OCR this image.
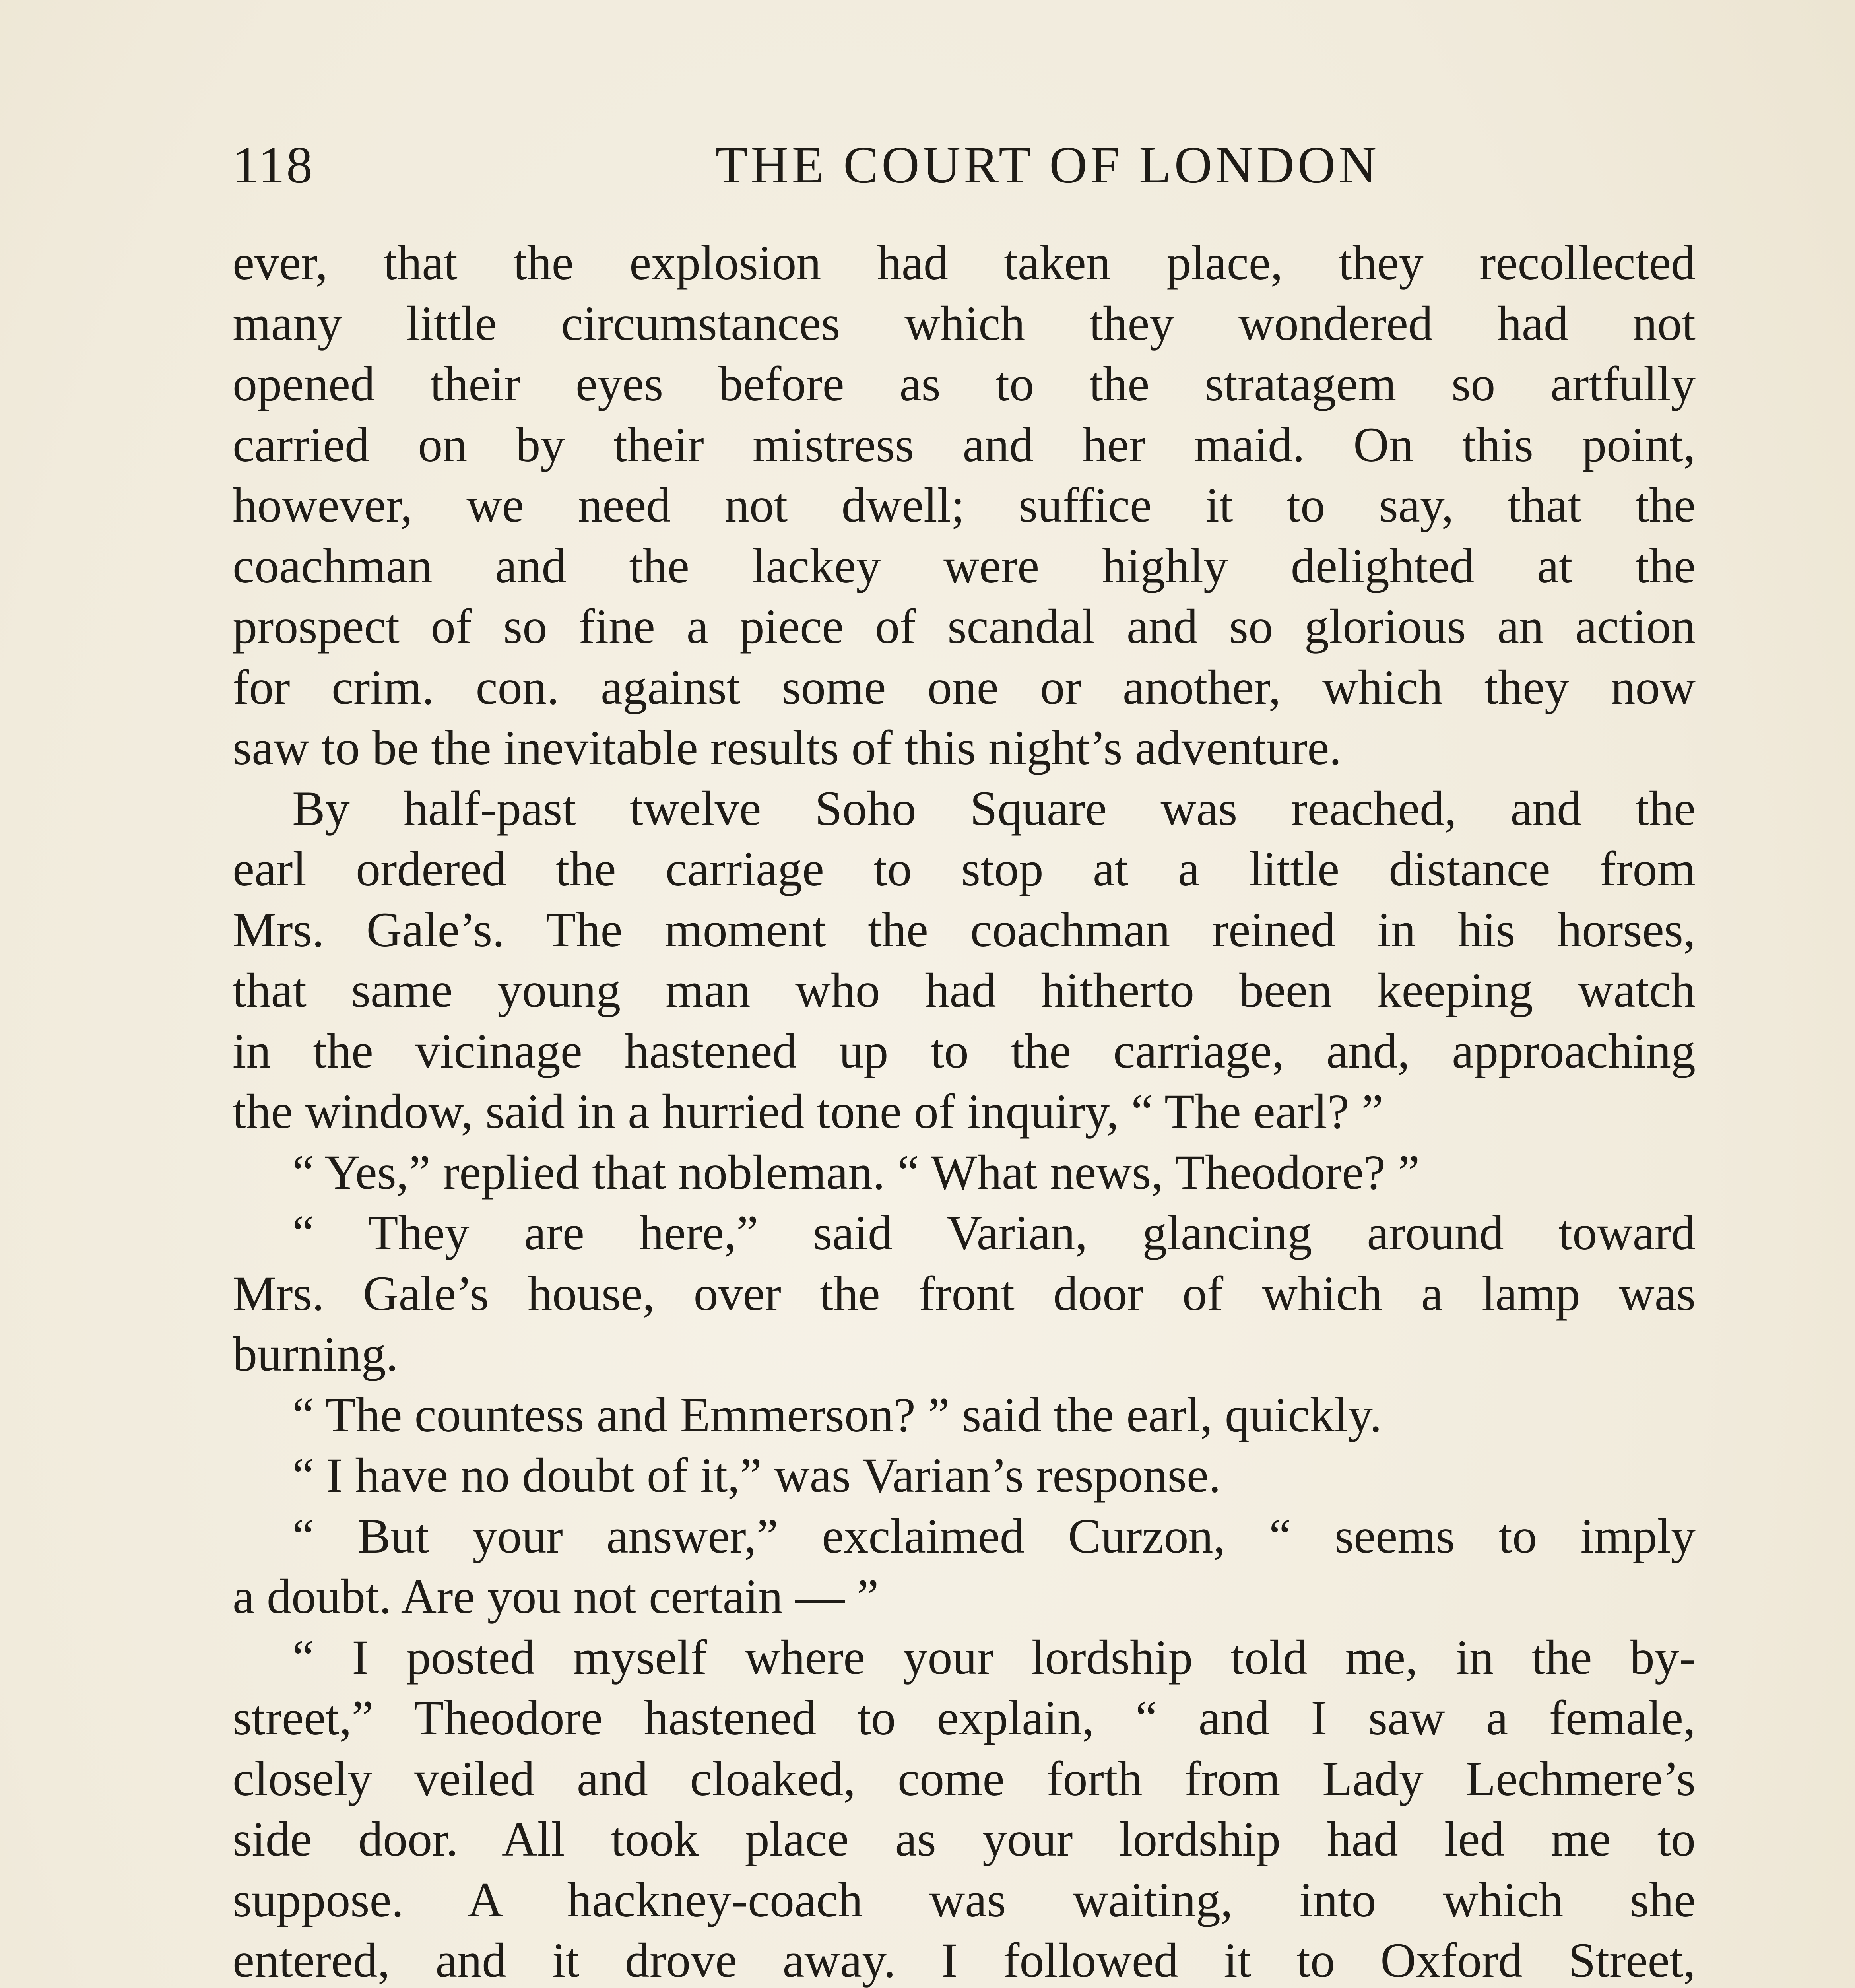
118	THE COURT OF LONDON
ever, that the explosion had taken place, they recollected
many little circumstances which they wondered had not
opened their eyes before as to the stratagem so artfully
carried on by their mistress and her maid. On this point,
however, we need not dwell; suffice it to say, that the
coachman and the lackey were highly delighted at the
prospect of so fine a piece of scandal and so glorious an action
for crim. con. against some one or another, which they now
saw to be the inevitable results of this night’s adventure.
By half-past twelve Soho Square was reached, and the
earl ordered the carriage to stop at a little distance from
Mrs. Gale’s. The moment the coachman reined in his horses,
that same young man who had hitherto been keeping watch
in the vicinage hastened up to the carriage, and, approaching
the window, said in a hurried tone of inquiry, “ The earl? ”
“ Yes,” replied that nobleman. “ What news, Theodore? ”
“ They are here,” said Varian, glancing around toward
Mrs. Gale’s house, over the front door of which a lamp was
burning.
“ The countess and Emmerson? ” said the earl, quickly.
“ I have no doubt of it,” was Varian’s response.
“ But your answer,” exclaimed Curzon, “ seems to imply
a doubt. Are you not certain — ”
“ I posted myself where your lordship told me, in the by-
street,” Theodore hastened to explain, “ and I saw a female,
closely veiled and cloaked, come forth from Lady Lechmere’s
side door. All took place as your lordship had led me to
suppose. A hackney-coach was waiting, into which she
entered, and it drove away. I followed it to Oxford Street,
